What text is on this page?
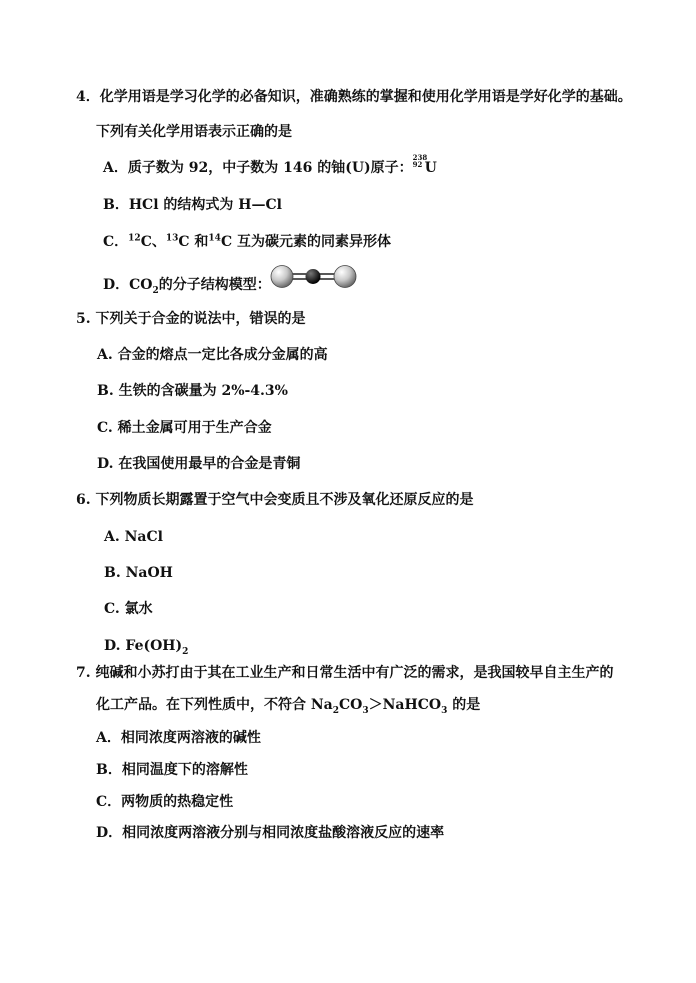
4．化学用语是学习化学的必备知识，准确熟练的掌握和使用化学用语是学好化学的基础。
下列有关化学用语表示正确的是
A．质子数为 92，中子数为 146 的铀(U)原子：
238
92 U
B．HCl 的结构式为 H—Cl
C．$^{12}$C、$^{13}$C 和$^{14}$C 互为碳元素的同素异形体
D．$CO_2$的分子结构模型：
5. 下列关于合金的说法中，错误的是
A. 合金的熔点一定比各成分金属的高
B. 生铁的含碳量为 2%-4.3%
C. 稀土金属可用于生产合金
D. 在我国使用最早的合金是青铜
6. 下列物质长期露置于空气中会变质且不涉及氧化还原反应的是
A. NaCl
B. NaOH
C. 氯水
D. $Fe(OH)_2$
7. 纯碱和小苏打由于其在工业生产和日常生活中有广泛的需求，是我国较早自主生产的
化工产品。在下列性质中，不符合 $Na_2CO_3>NaHCO_3$ 的是
A．相同浓度两溶液的碱性
B．相同温度下的溶解性
C．两物质的热稳定性
D．相同浓度两溶液分别与相同浓度盐酸溶液反应的速率
